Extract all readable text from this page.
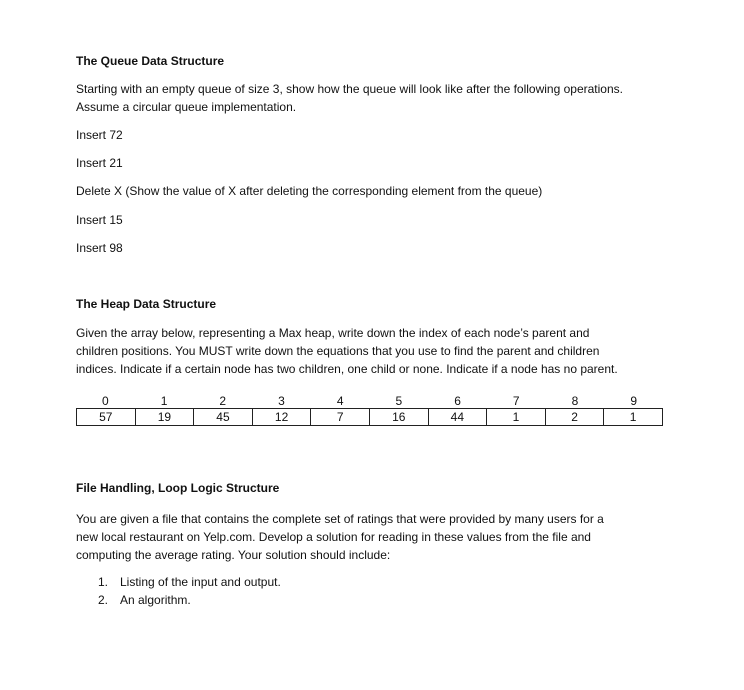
The Queue Data Structure
Starting with an empty queue of size 3, show how the queue will look like after the following operations.
Assume a circular queue implementation.
Insert 72
Insert 21
Delete X (Show the value of X after deleting the corresponding element from the queue)
Insert 15
Insert 98
The Heap Data Structure
Given the array below, representing a Max heap, write down the index of each node’s parent and
children positions. You MUST write down the equations that you use to find the parent and children
indices. Indicate if a certain node has two children, one child or none. Indicate if a node has no parent.
0	1	2	3	4	5	6	7	8	9
57	19	45	12	7	16	44	1	2	1
File Handling, Loop Logic Structure
You are given a file that contains the complete set of ratings that were provided by many users for a
new local restaurant on Yelp.com. Develop a solution for reading in these values from the file and
computing the average rating. Your solution should include:
1. Listing of the input and output.
2. An algorithm.
